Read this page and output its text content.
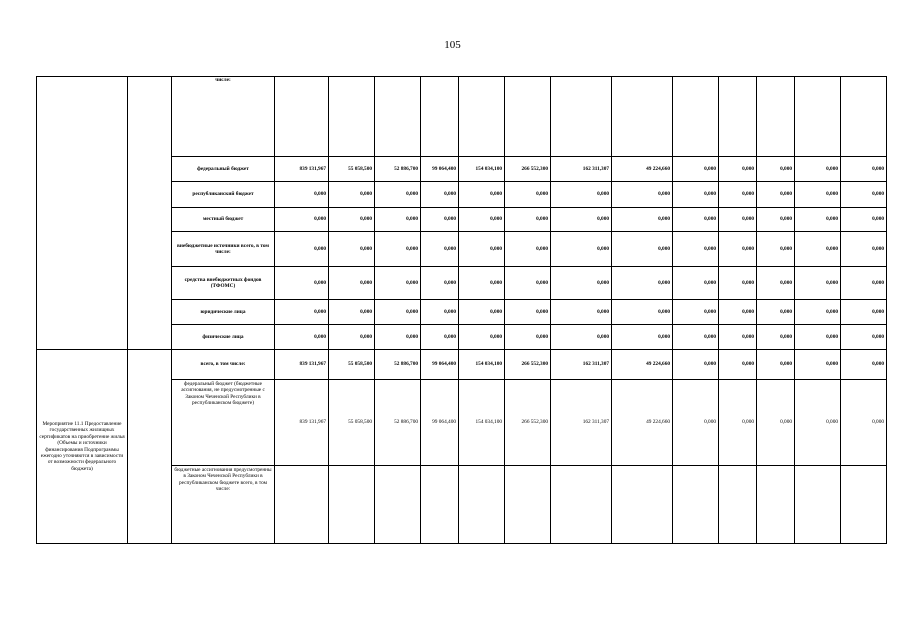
105
		числе:													
		федеральный бюджет	839 131,967	55 058,500	52 886,700	99 064,400	154 034,100	266 552,300	162 311,307	49 224,660	0,000	0,000	0,000	0,000	0,000
		республиканский бюджет	0,000	0,000	0,000	0,000	0,000	0,000	0,000	0,000	0,000	0,000	0,000	0,000	0,000
		местный бюджет	0,000	0,000	0,000	0,000	0,000	0,000	0,000	0,000	0,000	0,000	0,000	0,000	0,000
		внебюджетные источники всего, в том числе:	0,000	0,000	0,000	0,000	0,000	0,000	0,000	0,000	0,000	0,000	0,000	0,000	0,000
		средства внебюджетных фондов (ТФОМС)	0,000	0,000	0,000	0,000	0,000	0,000	0,000	0,000	0,000	0,000	0,000	0,000	0,000
		юридические лица	0,000	0,000	0,000	0,000	0,000	0,000	0,000	0,000	0,000	0,000	0,000	0,000	0,000
		физические лица	0,000	0,000	0,000	0,000	0,000	0,000	0,000	0,000	0,000	0,000	0,000	0,000	0,000
Мероприятие 11.1 Предоставление государственных жилищных сертификатов на приобретение жилья (Объемы и источники финансирования Подпрограммы ежегодно уточняются в зависимости от возможности федерального бюджета)		всего, в том числе:	839 131,967	55 058,500	52 886,700	99 064,400	154 034,100	266 552,300	162 311,307	49 224,660	0,000	0,000	0,000	0,000	0,000
		федеральный бюджет (бюджетные ассигнования, не предусмотренные с Законом Чеченской Республики в республиканском бюджете)	839 131,967	55 058,500	52 886,700	99 064,400	154 034,100	266 552,300	162 311,307	49 224,660	0,000	0,000	0,000	0,000	0,000
		бюджетные ассигнования предусмотренны в Законом Чеченской Республики в республиканском бюджете всего, в том числе:													
